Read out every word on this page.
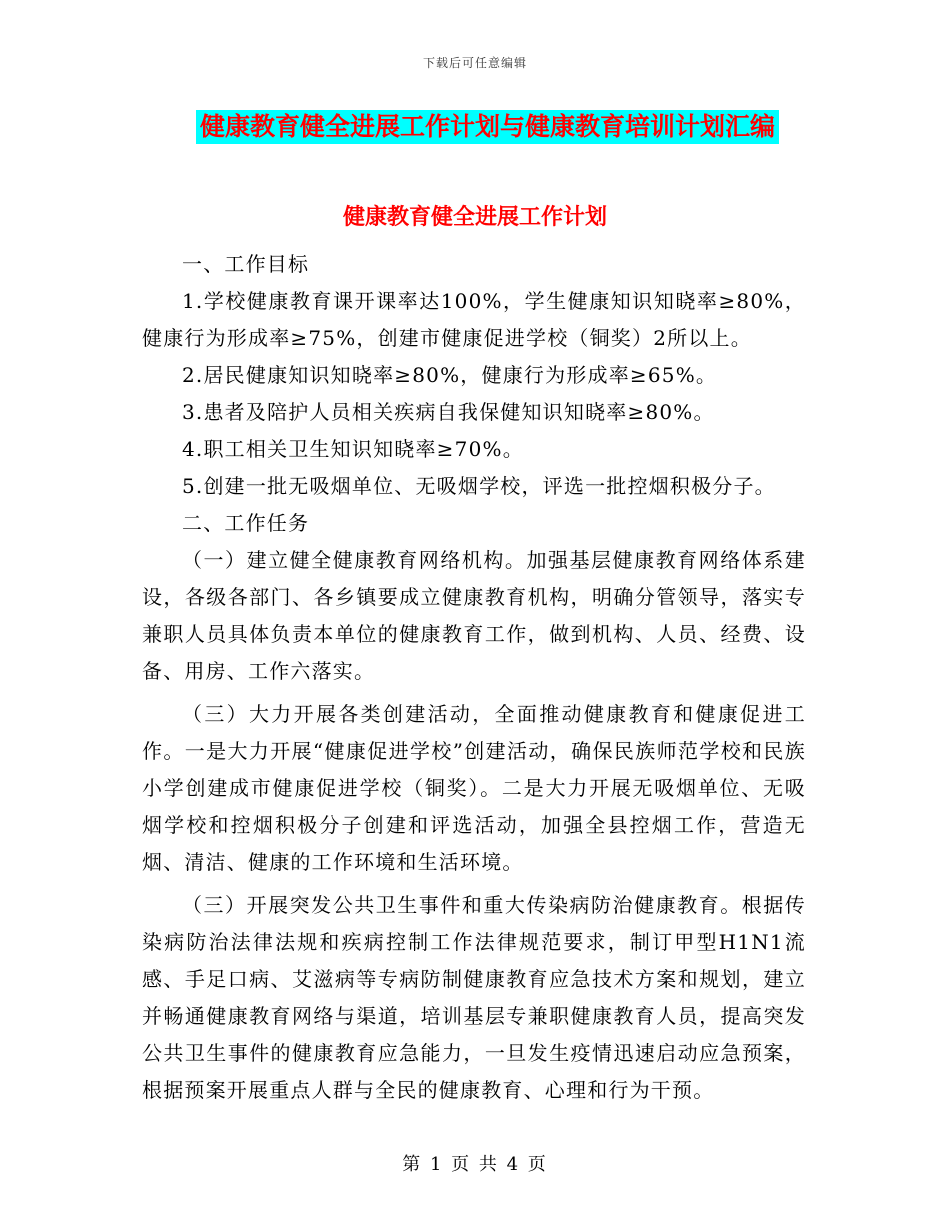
下载后可任意编辑
健康教育健全进展工作计划与健康教育培训计划汇编
健康教育健全进展工作计划

一、工作目标

1.学校健康教育课开课率达100%，学生健康知识知晓率≥80%，健康行为形成率≥75%，创建市健康促进学校（铜奖）2所以上。

2.居民健康知识知晓率≥80%，健康行为形成率≥65%。

3.患者及陪护人员相关疾病自我保健知识知晓率≥80%。

4.职工相关卫生知识知晓率≥70%。

5.创建一批无吸烟单位、无吸烟学校，评选一批控烟积极分子。

二、工作任务

（一）建立健全健康教育网络机构。加强基层健康教育网络体系建设，各级各部门、各乡镇要成立健康教育机构，明确分管领导，落实专兼职人员具体负责本单位的健康教育工作，做到机构、人员、经费、设备、用房、工作六落实。

（三）大力开展各类创建活动，全面推动健康教育和健康促进工作。一是大力开展“健康促进学校”创建活动，确保民族师范学校和民族小学创建成市健康促进学校（铜奖）。二是大力开展无吸烟单位、无吸烟学校和控烟积极分子创建和评选活动，加强全县控烟工作，营造无烟、清洁、健康的工作环境和生活环境。

（三）开展突发公共卫生事件和重大传染病防治健康教育。根据传染病防治法律法规和疾病控制工作法律规范要求，制订甲型H1N1流感、手足口病、艾滋病等专病防制健康教育应急技术方案和规划，建立并畅通健康教育网络与渠道，培训基层专兼职健康教育人员，提高突发公共卫生事件的健康教育应急能力，一旦发生疫情迅速启动应急预案，根据预案开展重点人群与全民的健康教育、心理和行为干预。

第 1 页 共 4 页
